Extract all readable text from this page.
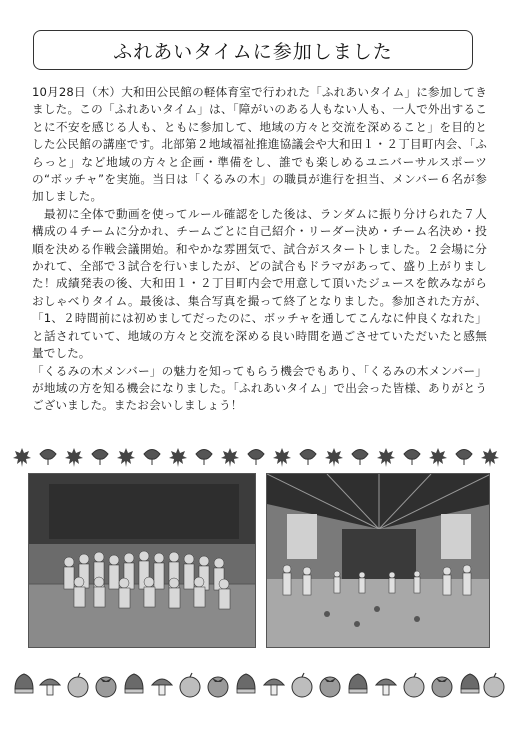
ふれあいタイムに参加しました

10月28日（木）大和田公民館の軽体育室で行われた「ふれあいタイム」に参加してきました。この「ふれあいタイム」は、「障がいのある人もない人も、一人で外出することに不安を感じる人も、ともに参加して、地域の方々と交流を深めること」を目的とした公民館の講座です。北部第２地域福祉推進協議会や大和田１・２丁目町内会、「ふらっと」など地域の方々と企画・準備をし、誰でも楽しめるユニバーサルスポーツの“ボッチャ”を実施。当日は「くるみの木」の職員が進行を担当、メンバー６名が参加しました。

　最初に全体で動画を使ってルール確認をした後は、ランダムに振り分けられた７人構成の４チームに分かれ、チームごとに自己紹介・リーダー決め・チーム名決め・投順を決める作戦会議開始。和やかな雰囲気で、試合がスタートしました。２会場に分かれて、全部で３試合を行いましたが、どの試合もドラマがあって、盛り上がりました！成績発表の後、大和田１・２丁目町内会で用意して頂いたジュースを飲みながらおしゃべりタイム。最後は、集合写真を撮って終了となりました。参加された方が、「1、２時間前には初めましてだったのに、ボッチャを通してこんなに仲良くなれた」と話されていて、地域の方々と交流を深める良い時間を過ごさせていただいたと感無量でした。

「くるみの木メンバー」の魅力を知ってもらう機会でもあり、「くるみの木メンバー」が地域の方を知る機会になりました。「ふれあいタイム」で出会った皆様、ありがとうございました。またお会いしましょう！
